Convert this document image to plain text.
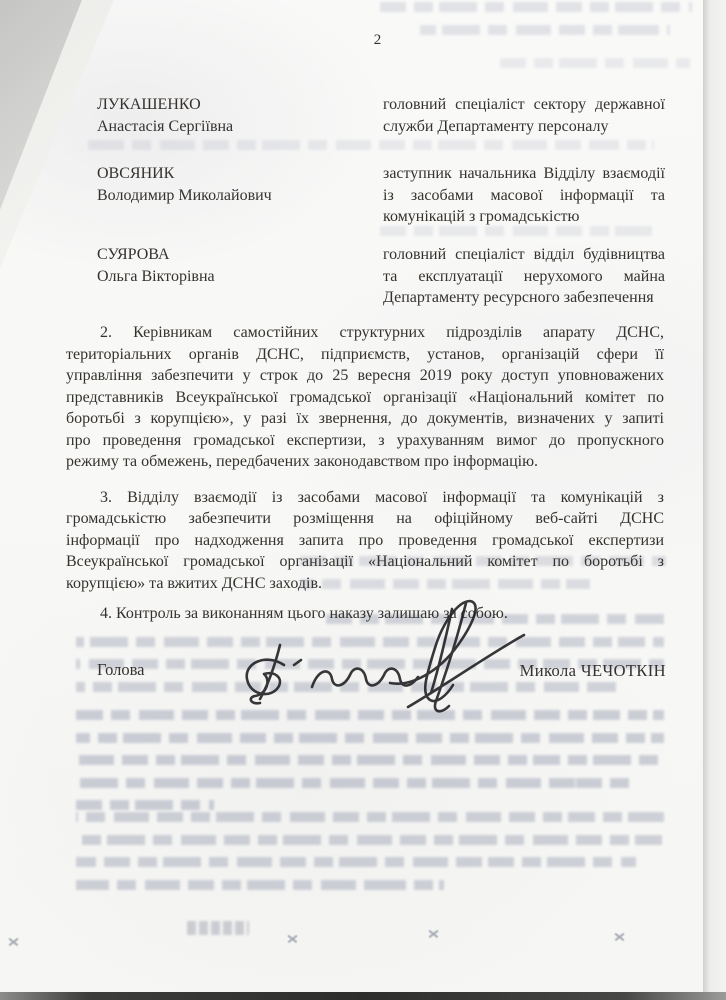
2
ЛУКАШЕНКО
Анастасія Сергіївна
головний спеціаліст сектору державної
служби Департаменту персоналу
ОВСЯНИК
Володимир Миколайович
заступник начальника Відділу взаємодії
із засобами масової інформації та
комунікацій з громадськістю
СУЯРОВА
Ольга Вікторівна
головний спеціаліст відділ будівництва
та експлуатації нерухомого майна
Департаменту ресурсного забезпечення
2. Керівникам самостійних структурних підрозділів апарату ДСНС,
територіальних органів ДСНС, підприємств, установ, організацій сфери її
управління забезпечити у строк до 25 вересня 2019 року доступ уповноважених
представників Всеукраїнської громадської організації «Національний комітет по
боротьбі з корупцією», у разі їх звернення, до документів, визначених у запиті
про проведення громадської експертизи, з урахуванням вимог до пропускного
режиму та обмежень, передбачених законодавством про інформацію.
3. Відділу взаємодії із засобами масової інформації та комунікацій з
громадськістю забезпечити розміщення на офіційному веб-сайті ДСНС
інформації про надходження запита про проведення громадської експертизи
Всеукраїнської громадської організації «Національний комітет по боротьбі з
корупцією» та вжитих ДСНС заходів.
4. Контроль за виконанням цього наказу залишаю за собою.
Голова	Микола ЧЕЧОТКІН
